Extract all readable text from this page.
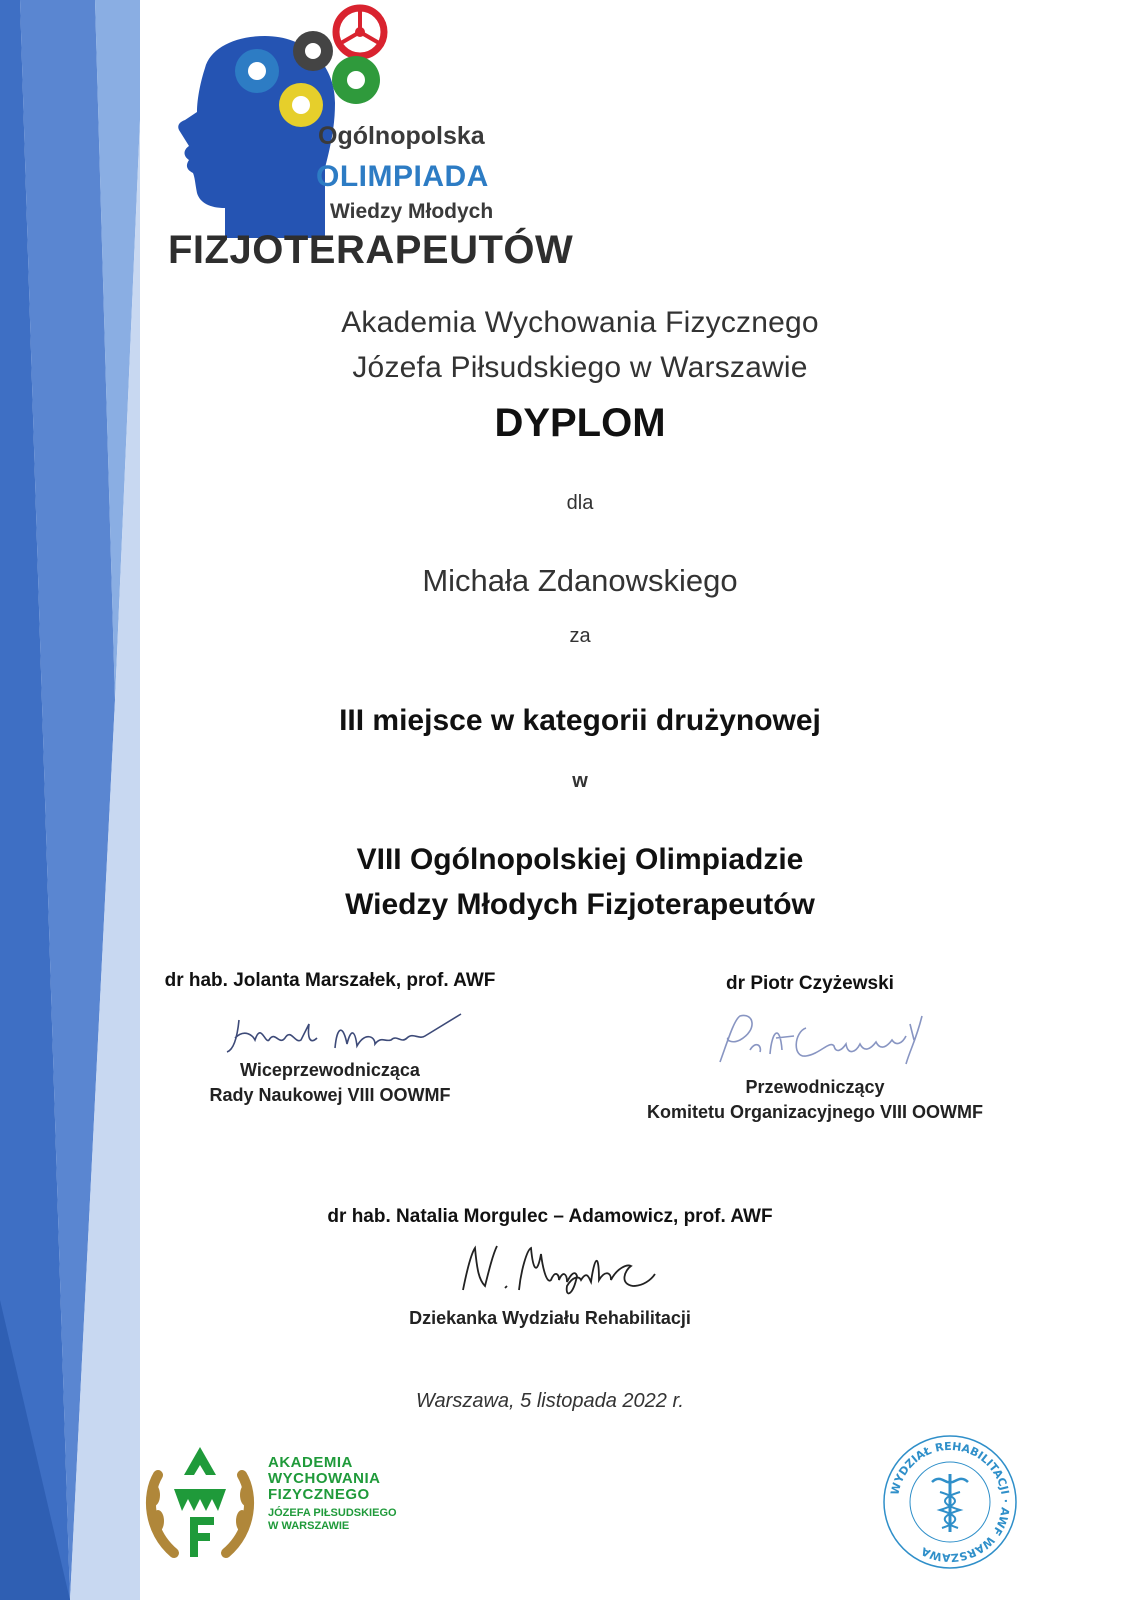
Ogólnopolska
OLIMPIADA
Wiedzy Młodych
FIZJOTERAPEUTÓW
Akademia Wychowania Fizycznego
Józefa Piłsudskiego w Warszawie
DYPLOM
dla
Michała Zdanowskiego
za
III miejsce w kategorii drużynowej
w
VIII Ogólnopolskiej Olimpiadzie
Wiedzy Młodych Fizjoterapeutów
dr hab. Jolanta Marszałek, prof. AWF
Wiceprzewodnicząca
Rady Naukowej VIII OOWMF
dr Piotr Czyżewski
Przewodniczący
Komitetu Organizacyjnego VIII OOWMF
dr hab. Natalia Morgulec – Adamowicz, prof. AWF
Dziekanka Wydziału Rehabilitacji
Warszawa, 5 listopada 2022 r.
AKADEMIA
WYCHOWANIA
FIZYCZNEGO
JÓZEFA PIŁSUDSKIEGO
W WARSZAWIE
WYDZIAŁ REHABILITACJI · AWF WARSZAWA
